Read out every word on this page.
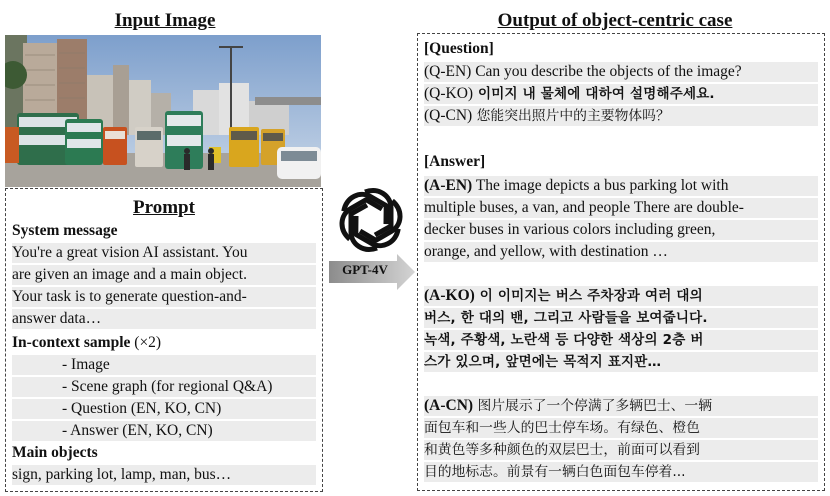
Input Image	Output of object-centric case
Prompt
System message
You're a great vision AI assistant. You
are given an image and a main object.
Your task is to generate question-and-
answer data…
In-context sample (×2)
- Image
- Scene graph (for regional Q&A)
- Question (EN, KO, CN)
- Answer (EN, KO, CN)
Main objects
sign, parking lot, lamp, man, bus…
GPT-4V
[Question]
(Q-EN) Can you describe the objects of the image?
(Q-KO) 이미지 내 물체에 대하여 설명해주세요.
(Q-CN) 您能突出照片中的主要物体吗？
[Answer]
(A-EN) The image depicts a bus parking lot with
multiple buses, a van, and people There are double-
decker buses in various colors including green,
orange, and yellow, with destination …
(A-KO) 이 이미지는 버스 주차장과 여러 대의
버스, 한 대의 밴, 그리고 사람들을 보여줍니다.
녹색, 주황색, 노란색 등 다양한 색상의 2층 버
스가 있으며, 앞면에는 목적지 표지판…
(A-CN) 图片展示了一个停满了多辆巴士、一辆
面包车和一些人的巴士停车场。有绿色、橙色
和黄色等多种颜色的双层巴士，前面可以看到
目的地标志。前景有一辆白色面包车停着...
